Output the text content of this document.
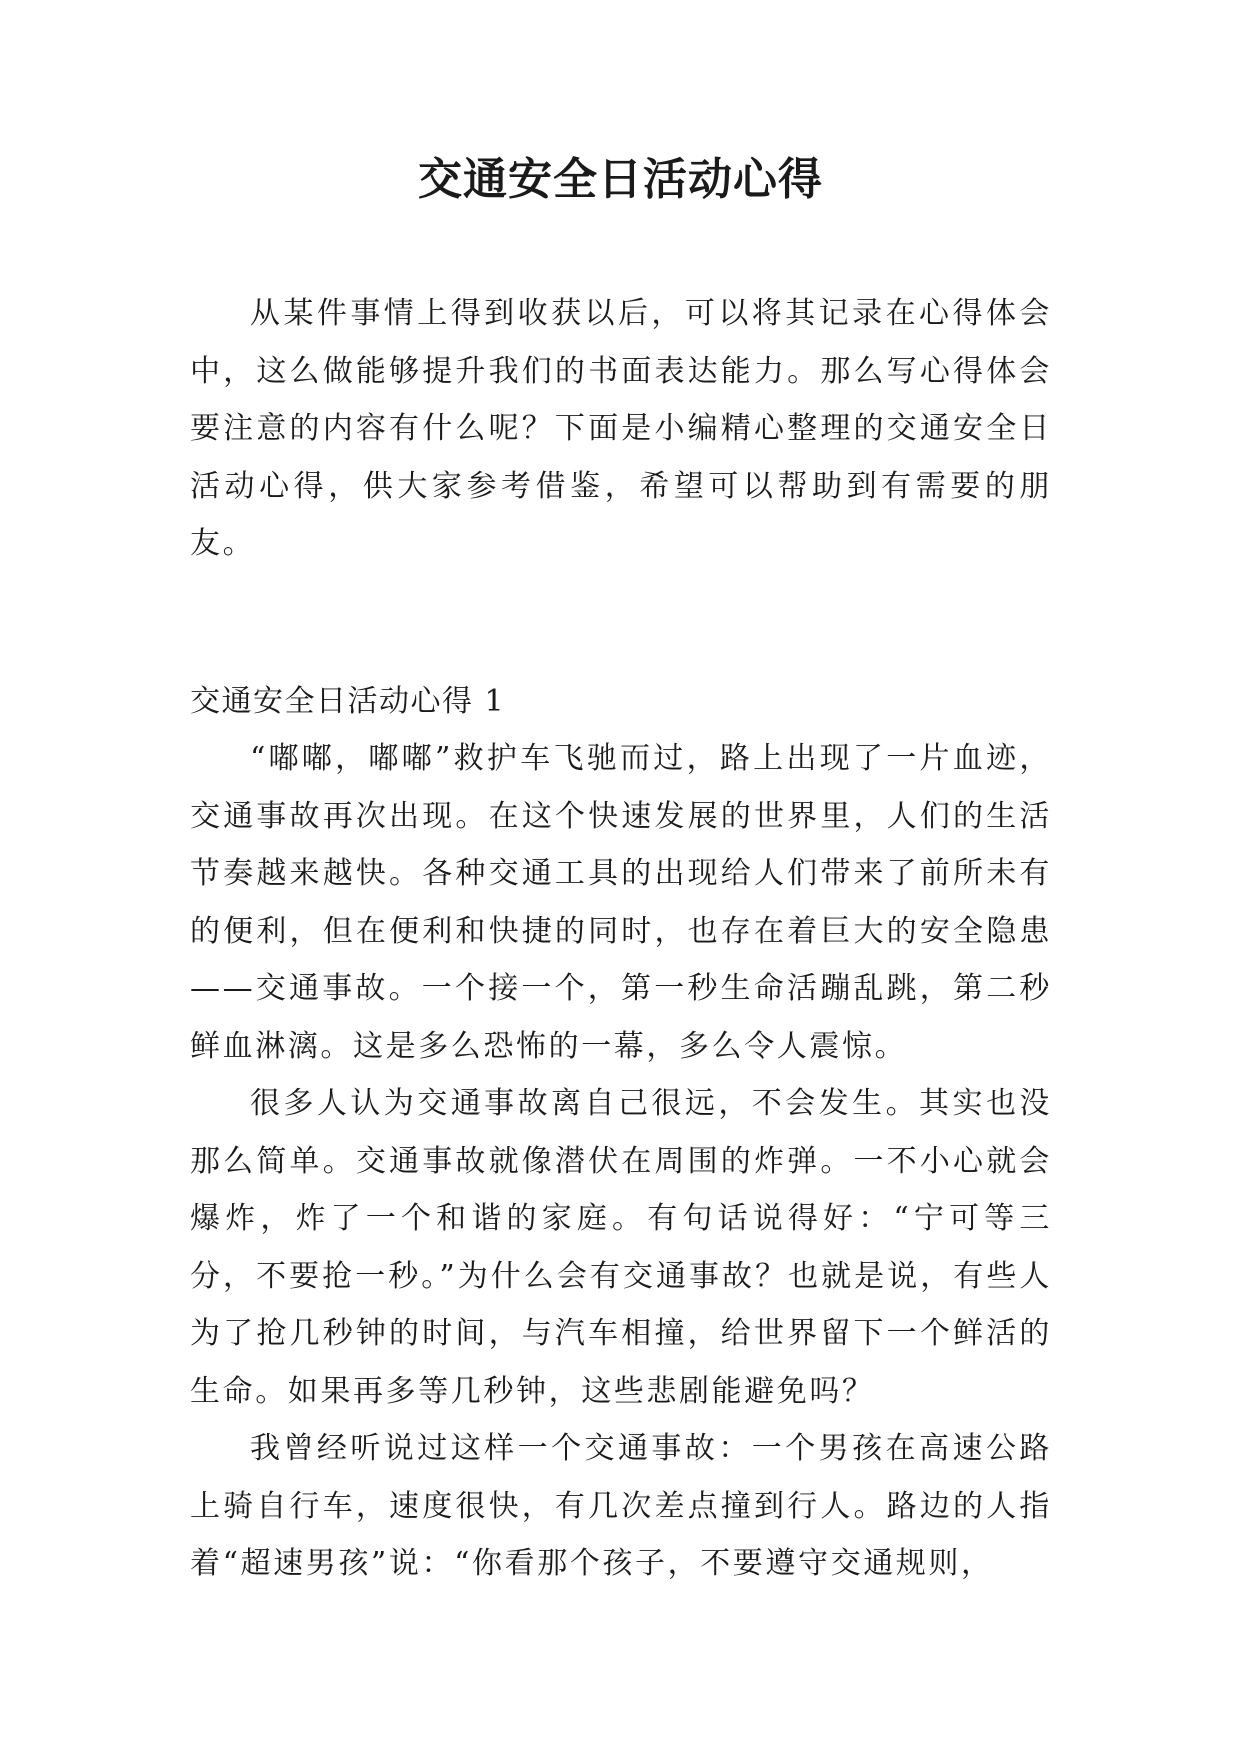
交通安全日活动心得

从某件事情上得到收获以后，可以将其记录在心得体会中，这么做能够提升我们的书面表达能力。那么写心得体会要注意的内容有什么呢？下面是小编精心整理的交通安全日活动心得，供大家参考借鉴，希望可以帮助到有需要的朋友。

交通安全日活动心得 1

“嘟嘟，嘟嘟”救护车飞驰而过，路上出现了一片血迹，交通事故再次出现。在这个快速发展的世界里，人们的生活节奏越来越快。各种交通工具的出现给人们带来了前所未有的便利，但在便利和快捷的同时，也存在着巨大的安全隐患——交通事故。一个接一个，第一秒生命活蹦乱跳，第二秒鲜血淋漓。这是多么恐怖的一幕，多么令人震惊。

很多人认为交通事故离自己很远，不会发生。其实也没那么简单。交通事故就像潜伏在周围的炸弹。一不小心就会爆炸，炸了一个和谐的家庭。有句话说得好：“宁可等三分，不要抢一秒。”为什么会有交通事故？也就是说，有些人为了抢几秒钟的时间，与汽车相撞，给世界留下一个鲜活的生命。如果再多等几秒钟，这些悲剧能避免吗？

我曾经听说过这样一个交通事故：一个男孩在高速公路上骑自行车，速度很快，有几次差点撞到行人。路边的人指着“超速男孩”说：“你看那个孩子，不要遵守交通规则，
